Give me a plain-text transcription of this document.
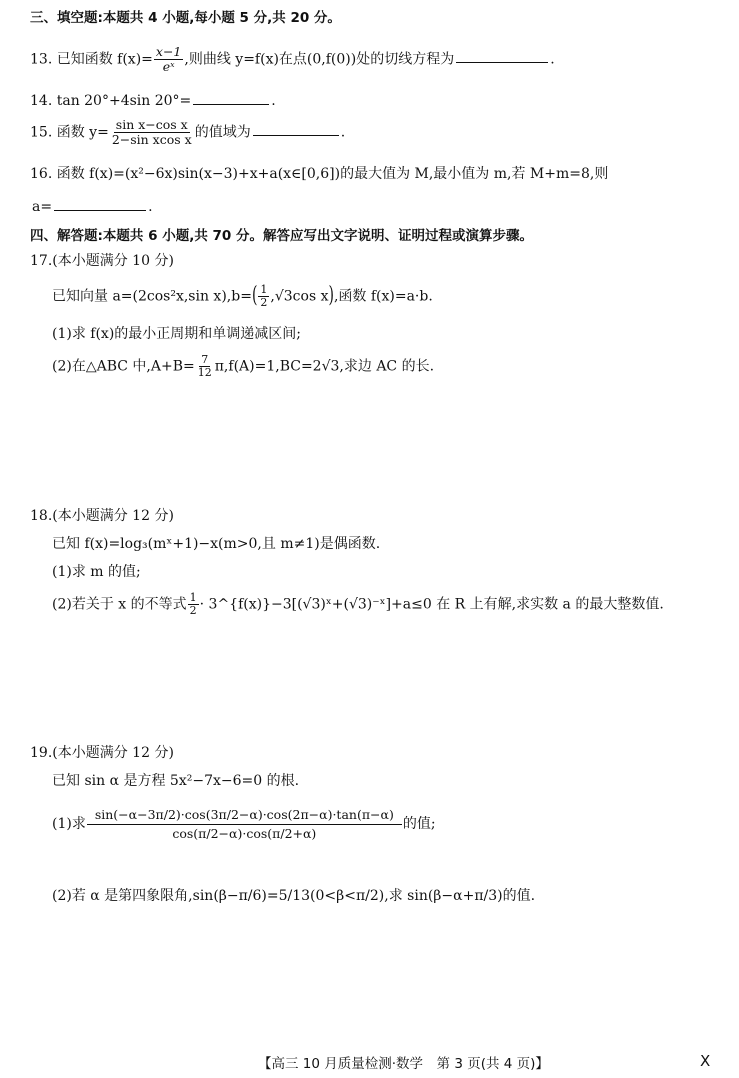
三、填空题:本题共 4 小题,每小题 5 分,共 20 分。
13. 已知函数 $f(x)= \frac{x-1}{\text{eˣ}}$ ,则曲线 y=f(x)在点(0,f(0))处的切线方程为	.
14. tan 20°+4sin 20°=	.
15. 函数 $y= \frac{\text{sin x−cos x}}{\text{2−sin xcos x}}$ 的值域为	.
16. 函数 f(x)=(x²−6x)sin(x−3)+x+a(x∈[0,6])的最大值为 M,最小值为 m,若 M+m=8,则
a=	.
四、解答题:本题共 6 小题,共 70 分。解答应写出文字说明、证明过程或演算步骤。
17.(本小题满分 10 分)
已知向量 a=(2cos²x,sin $x),b=( \frac{1}{2} ,√3\cos$ x),函数 f(x)=a·b.
(1)求 f(x)的最小正周期和单调递减区间;
(2)在△ABC 中$,A+B= \frac{7}{12} \pi,f(A)=1,BC=2√3$,求边 AC 的长.
18.(本小题满分 12 分)
已知 f(x)=log₃(mˣ+1)−x(m>0,且 m≠1)是偶函数.
(1)求 m 的值;
(2)若关于 x 的不等式 $\frac{1}{2}$ · 3^{f(x)}−3[(√3)ˣ+(√3)⁻ˣ]+a≤0 在 R 上有解,求实数 a 的最大整数值.
19.(本小题满分 12 分)
已知 sin α 是方程 5x²−7x−6=0 的根.
(1)求 $\frac{\sin(-\alpha-3\pi/2)\cdot\cos(3\pi/2-\alpha)\cdot\cos(2\pi-\alpha)\cdot\tan(\pi-\alpha)}{\cos(\pi/2-\alpha)\cdot\cos(\pi/2+\alpha)}$ 的值;
(2)若 α 是第四象限角,sin(β−π/6)=5/13(0<β<π/2),求 sin(β−α+π/3)的值.
【高三 10 月质量检测·数学　第 3 页(共 4 页)】	X
